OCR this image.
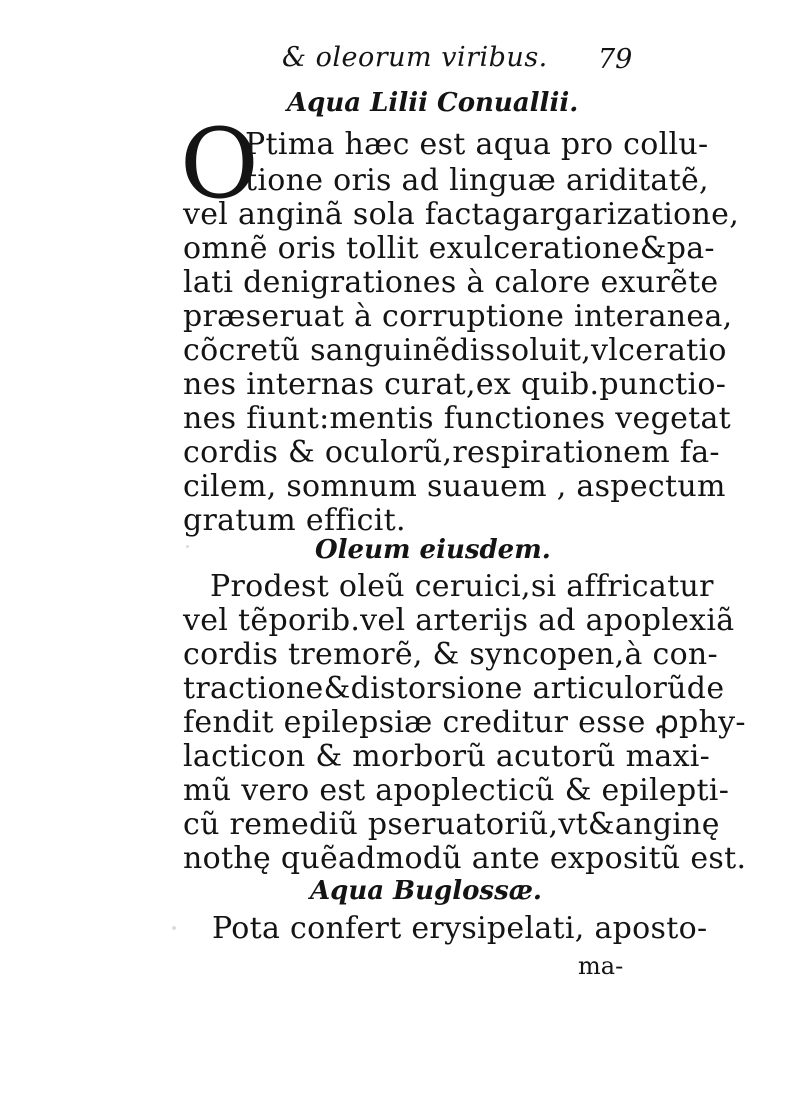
& oleorum viribus. 79
Aqua Lilii Conuallii.
O
Ptima hæc est aqua pro collu-
tione oris ad linguæ ariditatẽ,
vel anginã sola factagargarizatione,
omnẽ oris tollit exulceratione&pa-
lati denigrationes à calore exurẽte
præseruat à corruptione interanea,
cõcretũ sanguinẽdissoluit,vlceratio
nes internas curat,ex quib.punctio-
nes fiunt:mentis functiones vegetat
cordis & oculorũ,respirationem fa-
cilem, somnum suauem , aspectum
gratum efficit.
Oleum eiusdem.
Prodest oleũ ceruici,si affricatur
vel tẽporib.vel arterijs ad apoplexiã
cordis tremorẽ, & syncopen,à con-
tractione&distorsione articulorũde
fendit epilepsiæ creditur esse ꝓphy-
lacticon & morborũ acutorũ maxi-
mũ vero est apoplecticũ & epilepti-
cũ remediũ pseruatoriũ,vt&anginę
nothę quẽadmodũ ante expositũ est.
Aqua Buglossæ.
Pota confert erysipelati, aposto-
ma-
